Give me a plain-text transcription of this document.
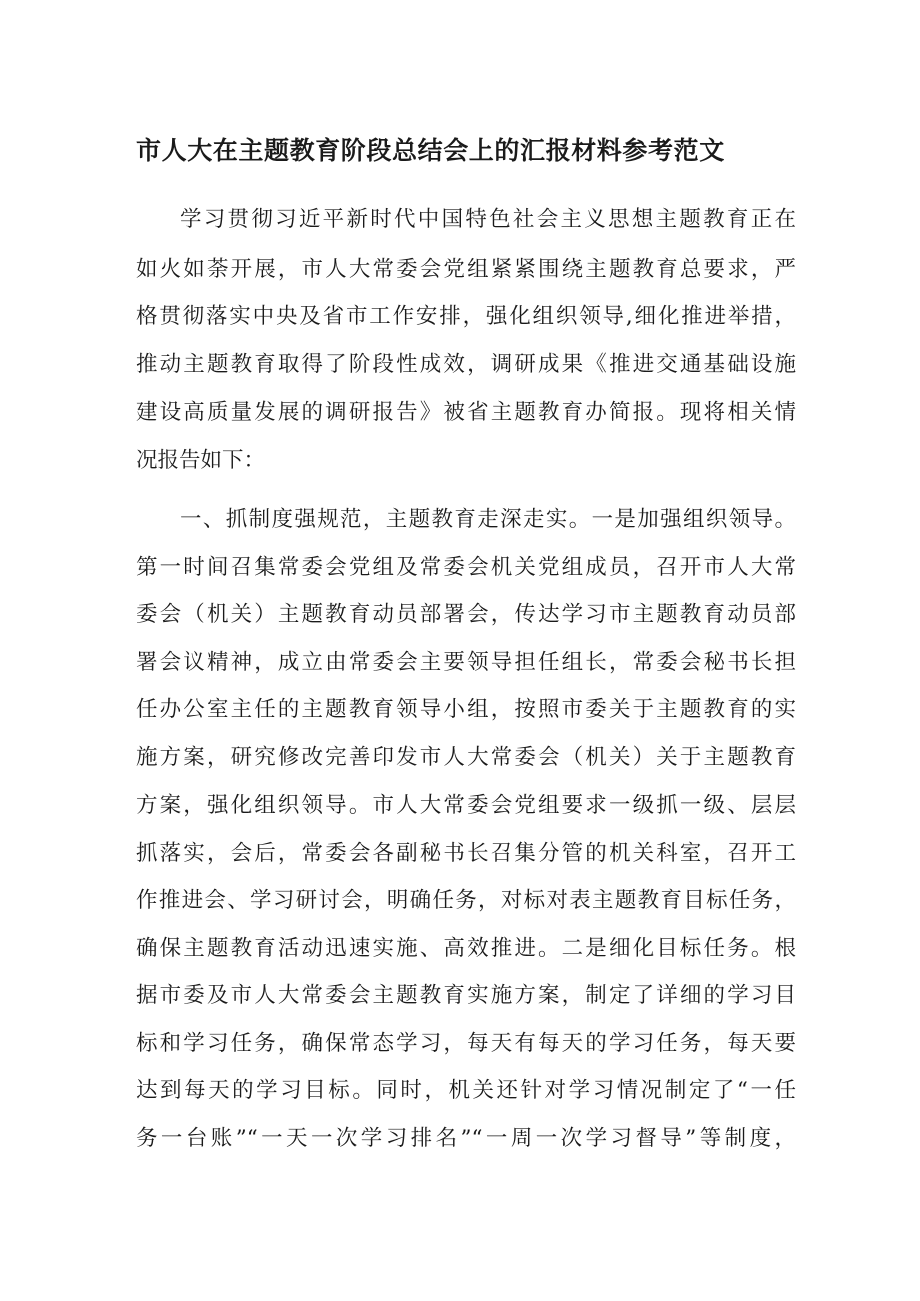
市人大在主题教育阶段总结会上的汇报材料参考范文
学习贯彻习近平新时代中国特色社会主义思想主题教育正在
如火如荼开展，市人大常委会党组紧紧围绕主题教育总要求，严
格贯彻落实中央及省市工作安排，强化组织领导,细化推进举措，
推动主题教育取得了阶段性成效，调研成果《推进交通基础设施
建设高质量发展的调研报告》被省主题教育办简报。现将相关情
况报告如下：
一、抓制度强规范，主题教育走深走实。一是加强组织领导。
第一时间召集常委会党组及常委会机关党组成员，召开市人大常
委会（机关）主题教育动员部署会，传达学习市主题教育动员部
署会议精神，成立由常委会主要领导担任组长，常委会秘书长担
任办公室主任的主题教育领导小组，按照市委关于主题教育的实
施方案，研究修改完善印发市人大常委会（机关）关于主题教育
方案，强化组织领导。市人大常委会党组要求一级抓一级、层层
抓落实，会后，常委会各副秘书长召集分管的机关科室，召开工
作推进会、学习研讨会，明确任务，对标对表主题教育目标任务，
确保主题教育活动迅速实施、高效推进。二是细化目标任务。根
据市委及市人大常委会主题教育实施方案，制定了详细的学习目
标和学习任务，确保常态学习，每天有每天的学习任务，每天要
达到每天的学习目标。同时，机关还针对学习情况制定了“一任
务一台账”“一天一次学习排名”“一周一次学习督导”等制度，
